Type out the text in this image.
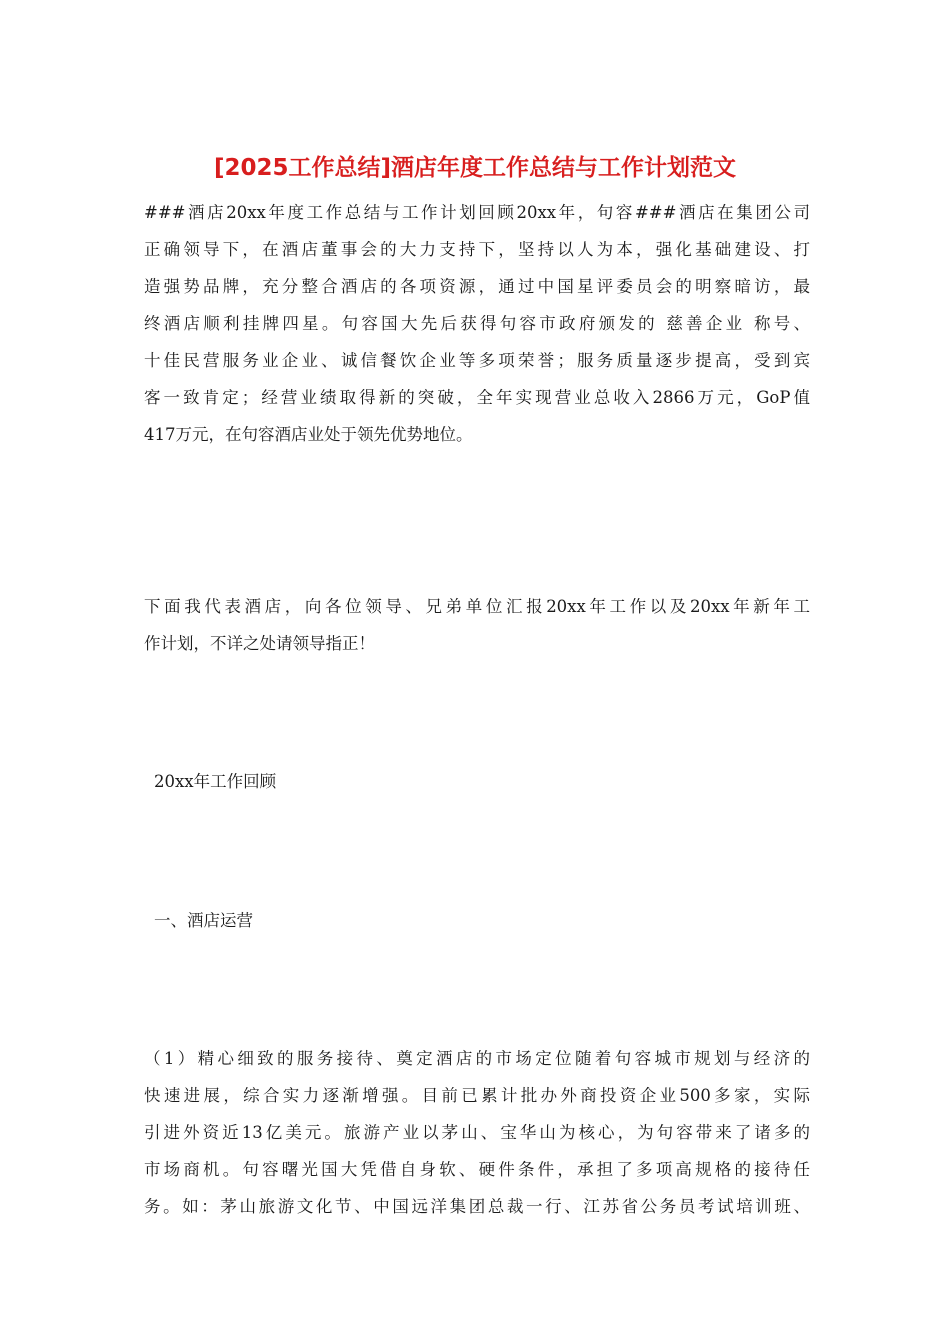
[2025工作总结]酒店年度工作总结与工作计划范文

###酒店20xx年度工作总结与工作计划回顾20xx年，句容###酒店在集团公司
正确领导下，在酒店董事会的大力支持下，坚持以人为本，强化基础建设、打
造强势品牌，充分整合酒店的各项资源，通过中国星评委员会的明察暗访，最
终酒店顺利挂牌四星。句容国大先后获得句容市政府颁发的 慈善企业 称号、
十佳民营服务业企业、诚信餐饮企业等多项荣誉；服务质量逐步提高，受到宾
客一致肯定；经营业绩取得新的突破，全年实现营业总收入2866万元，GoP值
417万元，在句容酒店业处于领先优势地位。

下面我代表酒店，向各位领导、兄弟单位汇报20xx年工作以及20xx年新年工
作计划，不详之处请领导指正！

20xx年工作回顾
一、酒店运营

（1）精心细致的服务接待、奠定酒店的市场定位随着句容城市规划与经济的
快速进展，综合实力逐渐增强。目前已累计批办外商投资企业500多家，实际
引进外资近13亿美元。旅游产业以茅山、宝华山为核心，为句容带来了诸多的
市场商机。句容曙光国大凭借自身软、硬件条件，承担了多项高规格的接待任
务。如：茅山旅游文化节、中国远洋集团总裁一行、江苏省公务员考试培训班、
